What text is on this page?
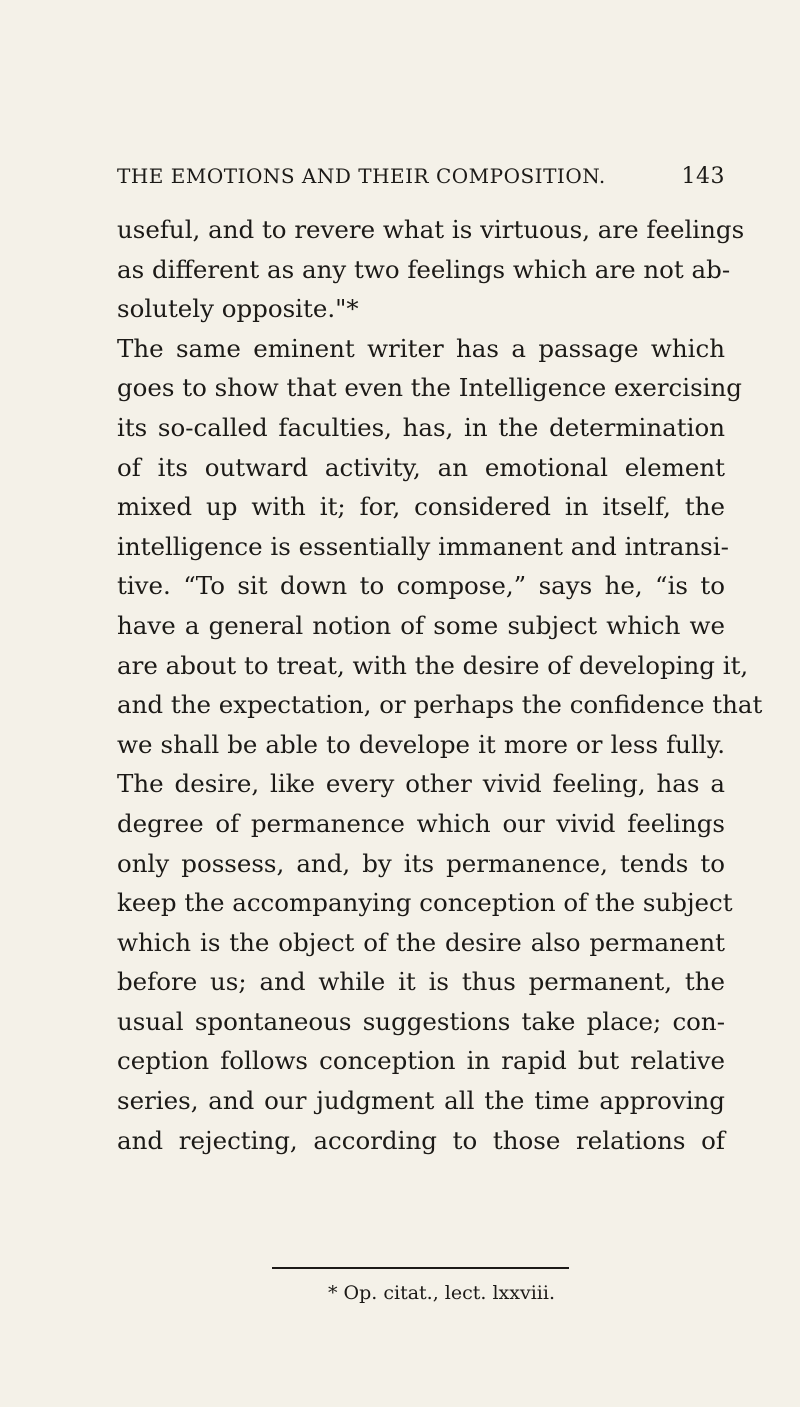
THE EMOTIONS AND THEIR COMPOSITION.	143
useful, and to revere what is virtuous, are feelings
as different as any two feelings which are not ab-
solutely opposite."*
The same eminent writer has a passage which
goes to show that even the Intelligence exercising
its so-called faculties, has, in the determination
of its outward activity, an emotional element
mixed up with it; for, considered in itself, the
intelligence is essentially immanent and intransi-
tive. “To sit down to compose,” says he, “is to
have a general notion of some subject which we
are about to treat, with the desire of developing it,
and the expectation, or perhaps the confidence that
we shall be able to develope it more or less fully.
The desire, like every other vivid feeling, has a
degree of permanence which our vivid feelings
only possess, and, by its permanence, tends to
keep the accompanying conception of the subject
which is the object of the desire also permanent
before us; and while it is thus permanent, the
usual spontaneous suggestions take place; con-
ception follows conception in rapid but relative
series, and our judgment all the time approving
and rejecting, according to those relations of
* Op. citat., lect. lxxviii.
